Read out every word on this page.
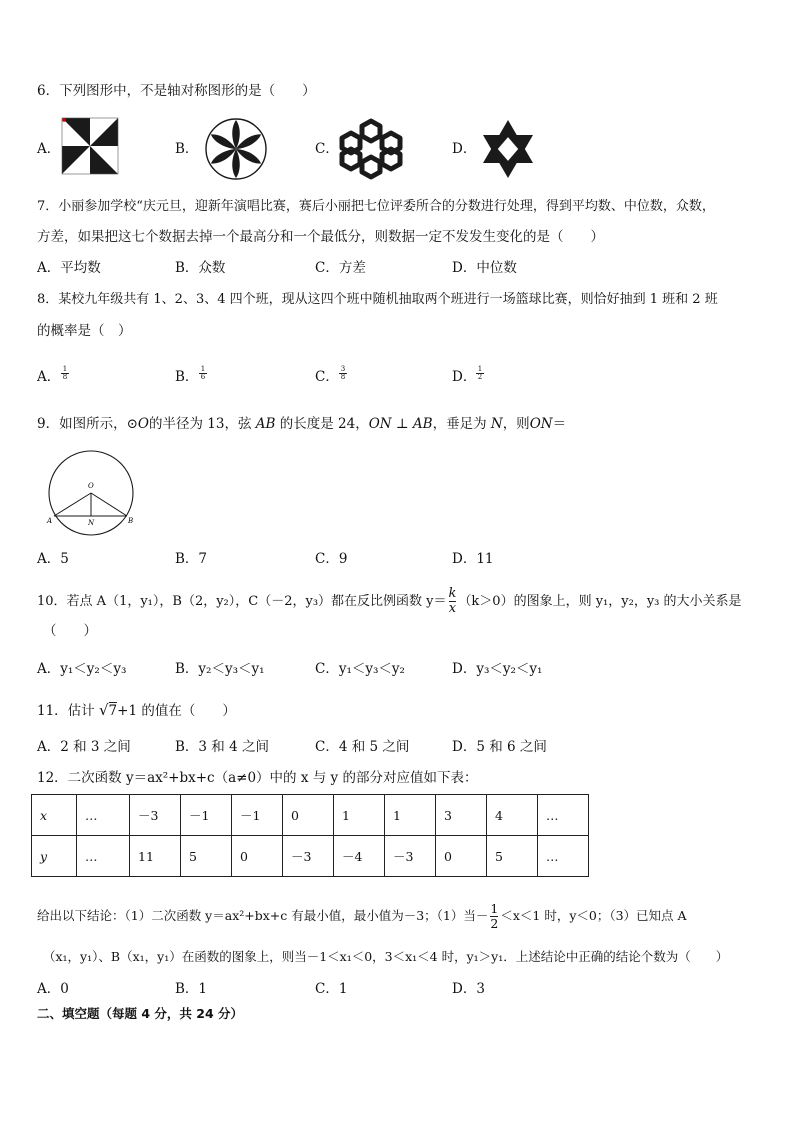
6．下列图形中，不是轴对称图形的是（　　）
A．	B．	C．	D．
7．小丽参加学校“庆元旦，迎新年演唱比赛，赛后小丽把七位评委所合的分数进行处理，得到平均数、中位数，众数，
方差，如果把这七个数据去掉一个最高分和一个最低分，则数据一定不发发生变化的是（　　）
A．平均数	B．众数	C．方差	D．中位数
8．某校九年级共有 1、2、3、4 四个班，现从这四个班中随机抽取两个班进行一场篮球比赛，则恰好抽到 1 班和 2 班
的概率是（　）
A． $\frac{1}{8}$	B． $\frac{1}{6}$	C． $\frac{3}{8}$	D． $\frac{1}{2}$
9．如图所示，⊙O的半径为 13，弦 AB 的长度是 24，ON ⊥ AB，垂足为 N，则ON＝
O
A	B
N
A．5	B．7	C．9	D．11
10．若点 A（1，y₁），B（2，y₂），C（－2，y₃）都在反比例函数 $y= \frac{k}{x} (k>0)$的图象上，则 y₁，y₂，y₃ 的大小关系是
（　　）
A．y₁＜y₂＜y₃	B．y₂＜y₃＜y₁	C．y₁＜y₃＜y₂	D．y₃＜y₂＜y₁
11．估计 √7+1 的值在（　　）
A．2 和 3 之间	B．3 和 4 之间	C．4 和 5 之间	D．5 和 6 之间
12．二次函数 y＝ax²+bx+c（a≠0）中的 x 与 y 的部分对应值如下表：
x	…	－3	－1	－1	0	1	1	3	4	…
y	…	11	5	0	－3	－4	－3	0	5	…
给出以下结论：（1）二次函数 y＝ax²+bx+c 有最小值，最小值为－3；（1）当－ $\frac{1}{2} <x<1$ 时，y＜0；（3）已知点 A
（x₁，y₁）、B（x₁，y₁）在函数的图象上，则当－1＜x₁＜0，3＜x₁＜4 时，y₁＞y₁．上述结论中正确的结论个数为（　　）
A．0	B．1	C．1	D．3
二、填空题（每题 4 分，共 24 分）
